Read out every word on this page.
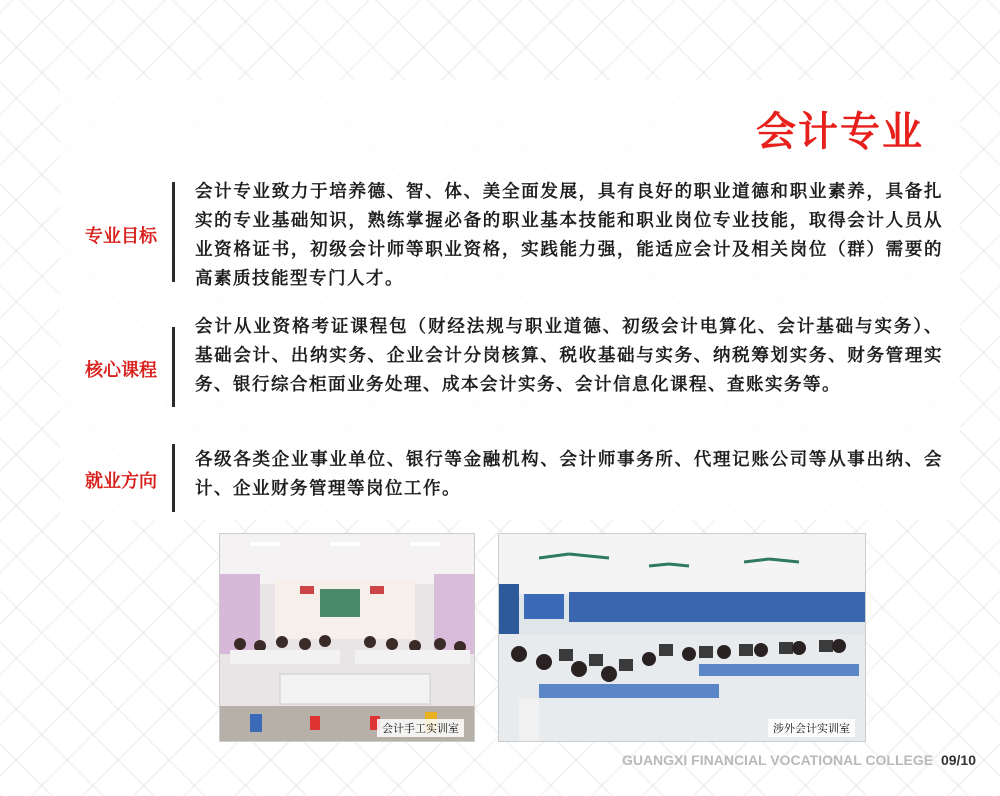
会计专业
专业目标
会计专业致力于培养德、智、体、美全面发展，具有良好的职业道德和职业素养，具备扎实的专业基础知识，熟练掌握必备的职业基本技能和职业岗位专业技能，取得会计人员从业资格证书，初级会计师等职业资格，实践能力强，能适应会计及相关岗位（群）需要的高素质技能型专门人才。
核心课程
会计从业资格考证课程包（财经法规与职业道德、初级会计电算化、会计基础与实务）、基础会计、出纳实务、企业会计分岗核算、税收基础与实务、纳税筹划实务、财务管理实务、银行综合柜面业务处理、成本会计实务、会计信息化课程、查账实务等。
就业方向
各级各类企业事业单位、银行等金融机构、会计师事务所、代理记账公司等从事出纳、会计、企业财务管理等岗位工作。
会计手工实训室	涉外会计实训室
GUANGXI FINANCIAL VOCATIONAL COLLEGE 09/10
